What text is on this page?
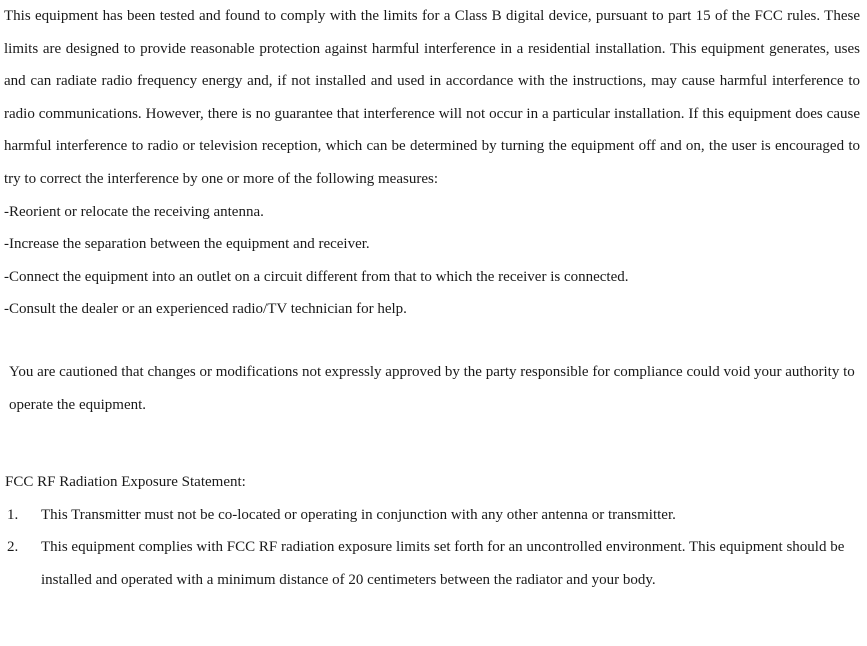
This equipment has been tested and found to comply with the limits for a Class B digital device, pursuant to part 15 of the FCC rules. These limits are designed to provide reasonable protection against harmful interference in a residential installation. This equipment generates, uses and can radiate radio frequency energy and, if not installed and used in accordance with the instructions, may cause harmful interference to radio communications. However, there is no guarantee that interference will not occur in a particular installation. If this equipment does cause harmful interference to radio or television reception, which can be determined by turning the equipment off and on, the user is encouraged to try to correct the interference by one or more of the following measures:

-Reorient or relocate the receiving antenna.

-Increase the separation between the equipment and receiver.

-Connect the equipment into an outlet on a circuit different from that to which the receiver is connected.

-Consult the dealer or an experienced radio/TV technician for help.

You are cautioned that changes or modifications not expressly approved by the party responsible for compliance could void your authority to operate the equipment.

FCC RF Radiation Exposure Statement:

1.	This Transmitter must not be co-located or operating in conjunction with any other antenna or transmitter.
2.	This equipment complies with FCC RF radiation exposure limits set forth for an uncontrolled environment. This equipment should be installed and operated with a minimum distance of 20 centimeters between the radiator and your body.
